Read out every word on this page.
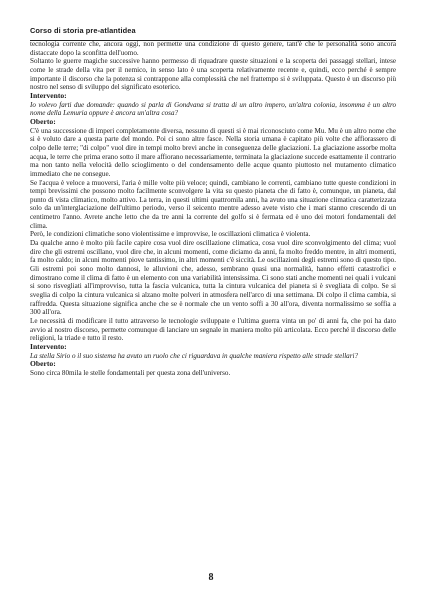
Corso di storia pre-atlantidea

tecnologia corrente che, ancora oggi, non permette una condizione di questo genere, tant'è che le personalità sono ancora distaccate dopo la sconfitta dell'uomo.

Soltanto le guerre magiche successive hanno permesso di riquadrare queste situazioni e la scoperta dei passaggi stellari, intese come le strade della vita per il nemico, in senso lato è una scoperta relativamente recente e, quindi, ecco perché è sempre importante il discorso che la potenza si contrappone alla complessità che nel frattempo si è sviluppata. Questo è un discorso più nostro nel senso di sviluppo del significato esoterico.

Intervento:

Io volevo farti due domande: quando si parla di Gondvana si tratta di un altro impero, un'altra colonia, insomma è un altro nome della Lemuria oppure è ancora un'altra cosa?

Oberto:

C'è una successione di imperi completamente diversa, nessuno di questi si è mai riconosciuto come Mu. Mu è un altro nome che si è voluto dare a questa parte del mondo. Poi ci sono altre fasce. Nella storia umana è capitato più volte che affiorassero di colpo delle terre; "di colpo" vuol dire in tempi molto brevi anche in conseguenza delle glaciazioni. La glaciazione assorbe molta acqua, le terre che prima erano sotto il mare affiorano necessariamente, terminata la glaciazione succede esattamente il contrario ma non tanto nella velocità dello scioglimento o del condensamento delle acque quanto piuttosto nel mutamento climatico immediato che ne consegue.

Se l'acqua è veloce a muoversi, l'aria è mille volte più veloce; quindi, cambiano le correnti, cambiano tutte queste condizioni in tempi brevissimi che possono molto facilmente sconvolgere la vita su questo pianeta che di fatto è, comunque, un pianeta, dal punto di vista climatico, molto attivo. La terra, in questi ultimi quattromila anni, ha avuto una situazione climatica caratterizzata solo da un'interglaciazione dell'ultimo periodo, verso il seicento mentre adesso avete visto che i mari stanno crescendo di un centimetro l'anno. Avrete anche letto che da tre anni la corrente del golfo si è fermata ed è uno dei motori fondamentali del clima.

Però, le condizioni climatiche sono violentissime e improvvise, le oscillazioni climatica è violenta.

Da qualche anno è molto più facile capire cosa vuol dire oscillazione climatica, cosa vuol dire sconvolgimento del clima; vuol dire che gli estremi oscillano, vuol dire che, in alcuni momenti, come diciamo da anni, fa molto freddo mentre, in altri momenti, fa molto caldo; in alcuni momenti piove tantissimo, in altri momenti c'è siccità. Le oscillazioni degli estremi sono di questo tipo. Gli estremi poi sono molto dannosi, le alluvioni che, adesso, sembrano quasi una normalità, hanno effetti catastrofici e dimostrano come il clima di fatto è un elemento con una variabilità intensissima. Ci sono stati anche momenti nei quali i vulcani si sono risvegliati all'improvviso, tutta la fascia vulcanica, tutta la cintura vulcanica del pianeta si è svegliata di colpo. Se si sveglia di colpo la cintura vulcanica si alzano molte polveri in atmosfera nell'arco di una settimana. Di colpo il clima cambia, si raffredda. Questa situazione significa anche che se è normale che un vento soffi a 30 all'ora, diventa normalissimo se soffia a 300 all'ora.

Le necessità di modificare il tutto attraverso le tecnologie sviluppate e l'ultima guerra vinta un po' di anni fa, che poi ha dato avvio al nostro discorso, permette comunque di lanciare un segnale in maniera molto più articolata. Ecco perché il discorso delle religioni, la triade e tutto il resto.

Intervento:

La stella Sirio o il suo sistema ha avuto un ruolo che ci riguardava in qualche maniera rispetto alle strade stellari?

Oberto:

Sono circa 80mila le stelle fondamentali per questa zona dell'universo.

8
